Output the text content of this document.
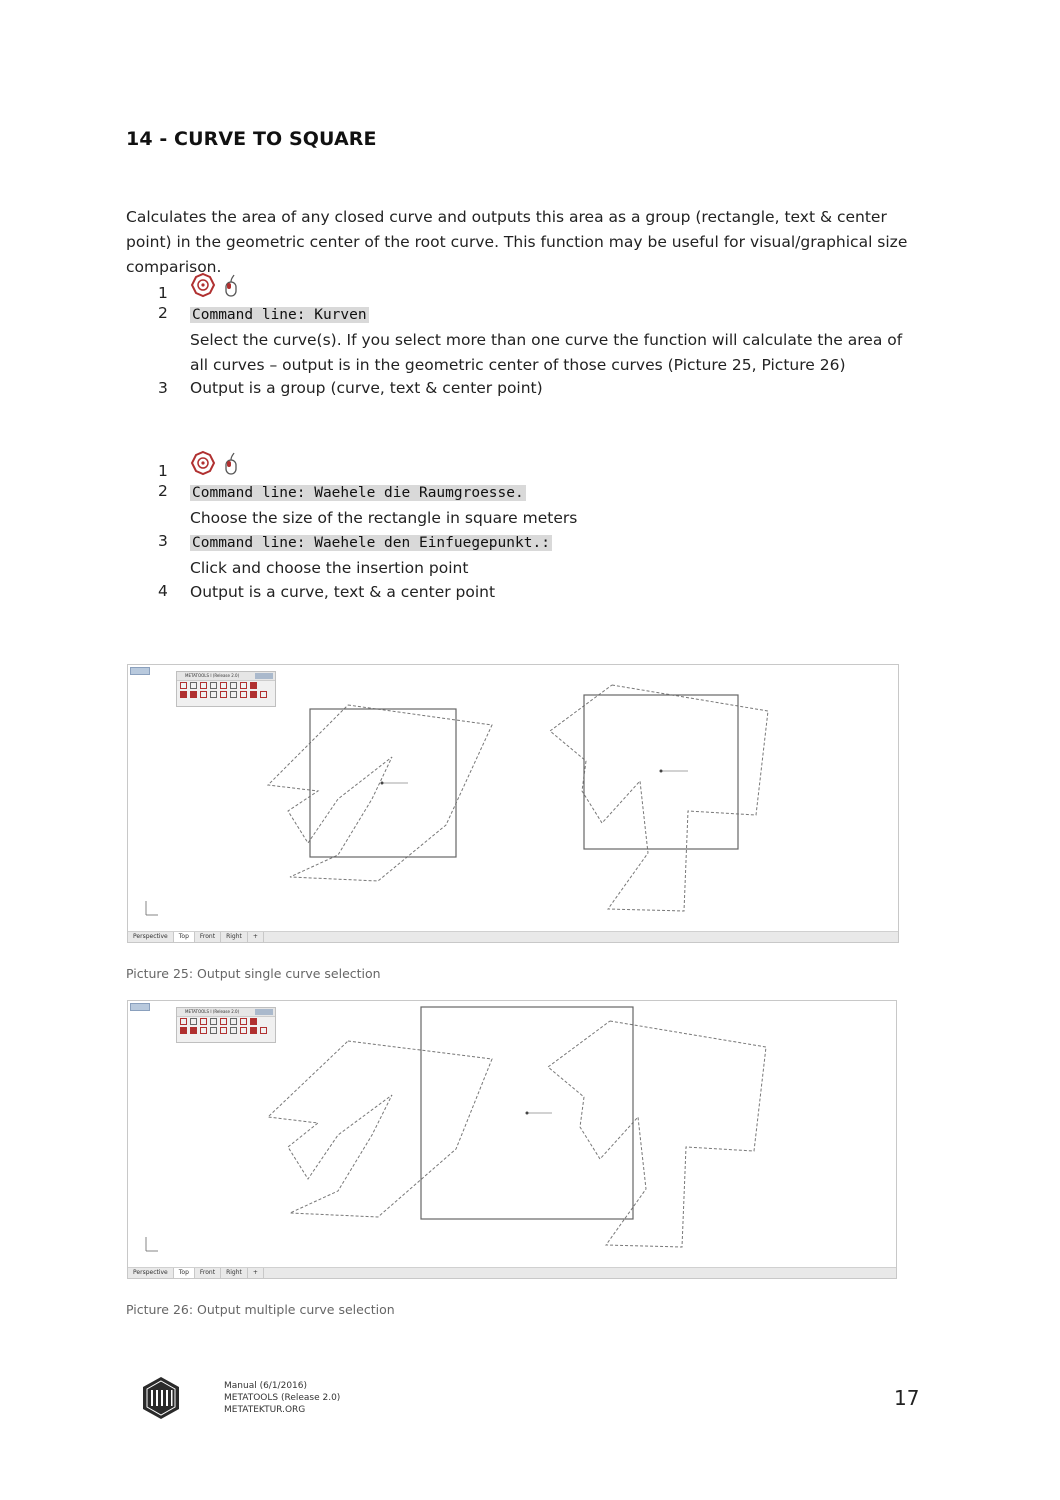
14 - CURVE TO SQUARE
Calculates the area of any closed curve and outputs this area as a group (rectangle, text & center point) in the geometric center of the root curve. This function may be useful for visual/graphical size comparison.
1
2	Command line: Kurven
Select the curve(s). If you select more than one curve the function will calculate the area of all curves – output is in the geometric center of those curves (Picture 25, Picture 26)
3	Output is a group (curve, text & center point)
1
2	Command line: Waehele die Raumgroesse.
Choose the size of the rectangle in square meters
3	Command line: Waehele den Einfuegepunkt.:
Click and choose the insertion point
4	Output is a curve, text & a center point
METATOOLS I (Release 2.0)
Perspective Top Front Right +
Picture 25: Output single curve selection
METATOOLS I (Release 2.0)
Perspective Top Front Right +
Picture 26: Output multiple curve selection
Manual (6/1/2016)
METATOOLS (Release 2.0)
METATEKTUR.ORG	17
